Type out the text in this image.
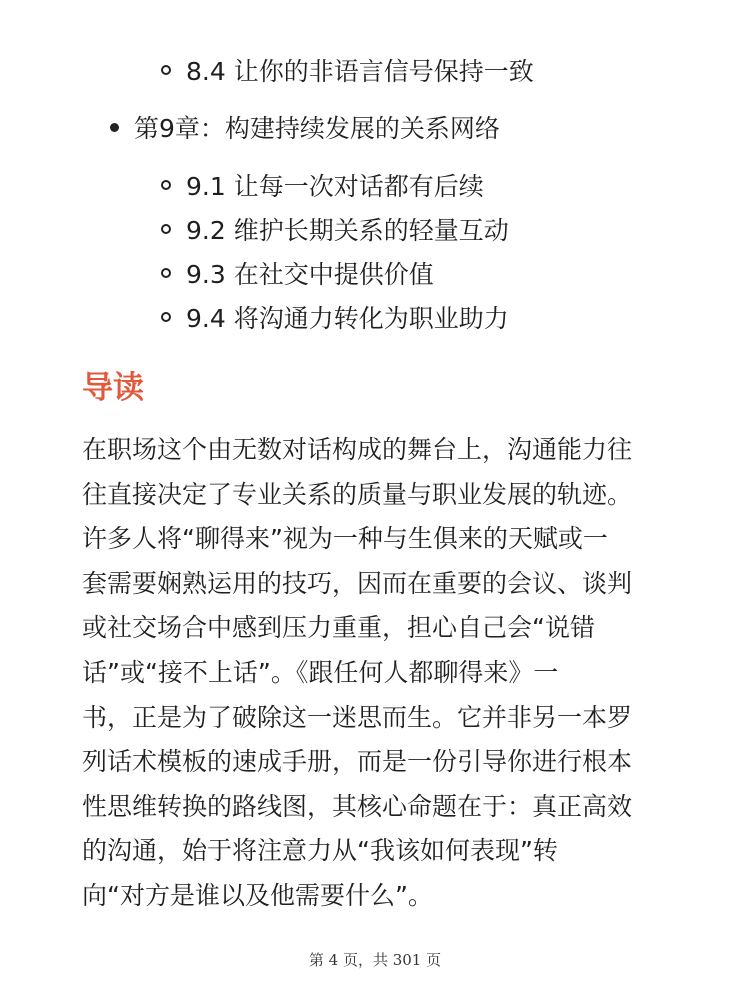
8.4 让你的非语言信号保持一致
第9章：构建持续发展的关系网络
9.1 让每一次对话都有后续
9.2 维护长期关系的轻量互动
9.3 在社交中提供价值
9.4 将沟通力转化为职业助力
导读

在职场这个由无数对话构成的舞台上，沟通能力往
往直接决定了专业关系的质量与职业发展的轨迹。
许多人将“聊得来”视为一种与生俱来的天赋或一
套需要娴熟运用的技巧，因而在重要的会议、谈判
或社交场合中感到压力重重，担心自己会“说错
话”或“接不上话”。《跟任何人都聊得来》一
书，正是为了破除这一迷思而生。它并非另一本罗
列话术模板的速成手册，而是一份引导你进行根本
性思维转换的路线图，其核心命题在于：真正高效
的沟通，始于将注意力从“我该如何表现”转
向“对方是谁以及他需要什么”。

第 4 页，共 301 页
